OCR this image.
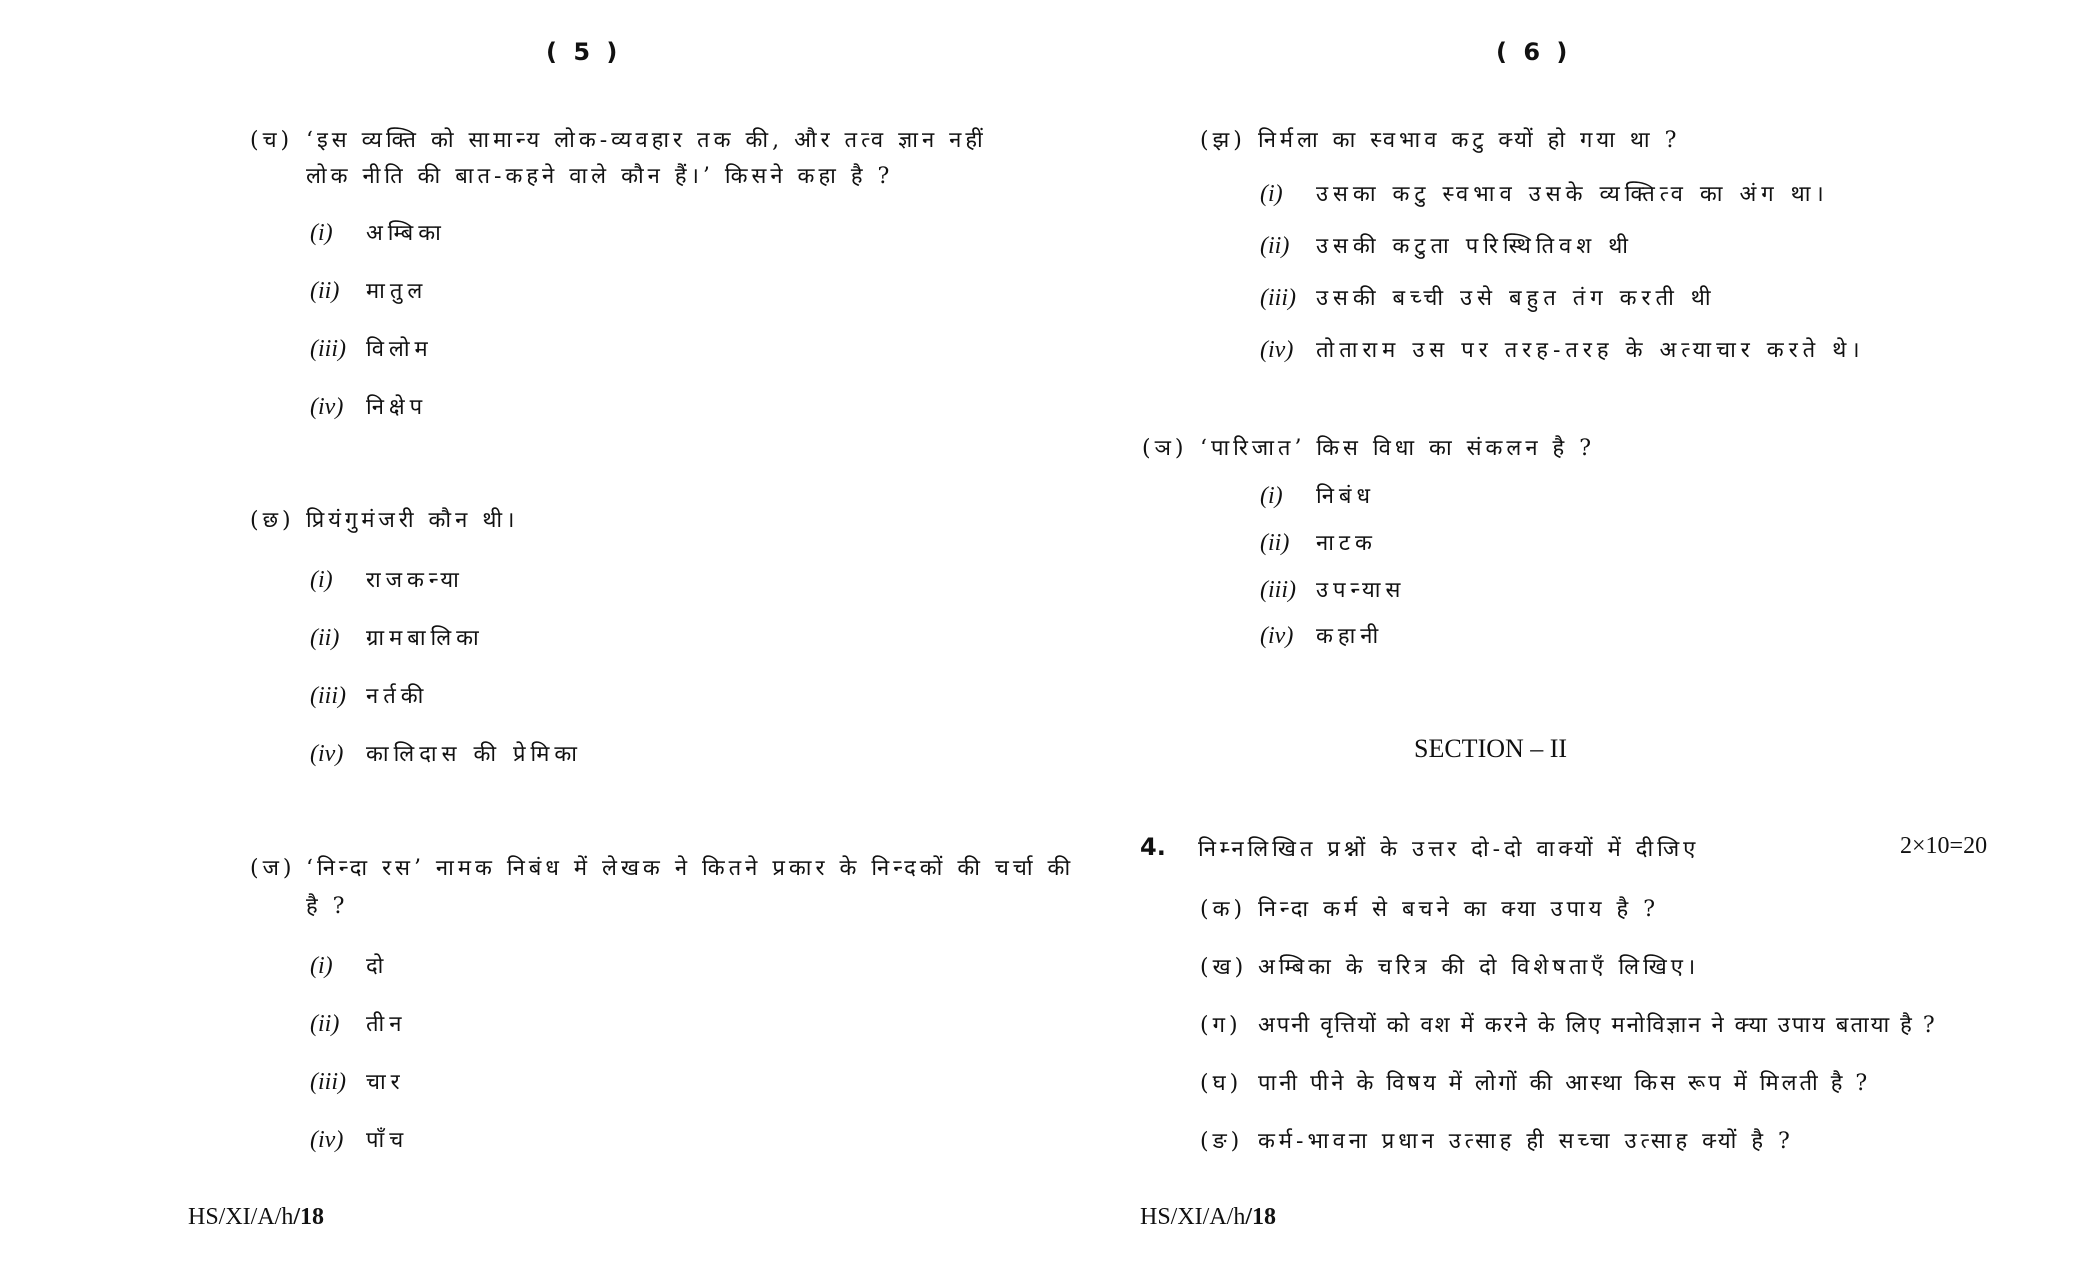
( 5 )
(च) ‘इस व्यक्ति को सामान्य लोक-व्यवहार तक की, और तत्व ज्ञान नहीं
लोक नीति की बात-कहने वाले कौन हैं।’ किसने कहा है ?
(i) अम्बिका
(ii) मातुल
(iii) विलोम
(iv) निक्षेप
(छ) प्रियंगुमंजरी कौन थी।
(i) राजकन्या
(ii) ग्रामबालिका
(iii) नर्तकी
(iv) कालिदास की प्रेमिका
(ज) ‘निन्दा रस’ नामक निबंध में लेखक ने कितने प्रकार के निन्दकों की चर्चा की
है ?
(i) दो
(ii) तीन
(iii) चार
(iv) पाँच
HS/XI/A/h/18
( 6 )
(झ) निर्मला का स्वभाव कटु क्यों हो गया था ?
(i) उसका कटु स्वभाव उसके व्यक्तित्व का अंग था।
(ii) उसकी कटुता परिस्थितिवश थी
(iii) उसकी बच्ची उसे बहुत तंग करती थी
(iv) तोताराम उस पर तरह-तरह के अत्याचार करते थे।
(ञ) ‘पारिजात’ किस विधा का संकलन है ?
(i) निबंध
(ii) नाटक
(iii) उपन्यास
(iv) कहानी
SECTION – II
4. निम्नलिखित प्रश्नों के उत्तर दो-दो वाक्यों में दीजिए	2×10=20
(क) निन्दा कर्म से बचने का क्या उपाय है ?
(ख) अम्बिका के चरित्र की दो विशेषताएँ लिखिए।
(ग) अपनी वृत्तियों को वश में करने के लिए मनोविज्ञान ने क्या उपाय बताया है ?
(घ) पानी पीने के विषय में लोगों की आस्था किस रूप में मिलती है ?
(ङ) कर्म-भावना प्रधान उत्साह ही सच्चा उत्साह क्यों है ?
HS/XI/A/h/18
